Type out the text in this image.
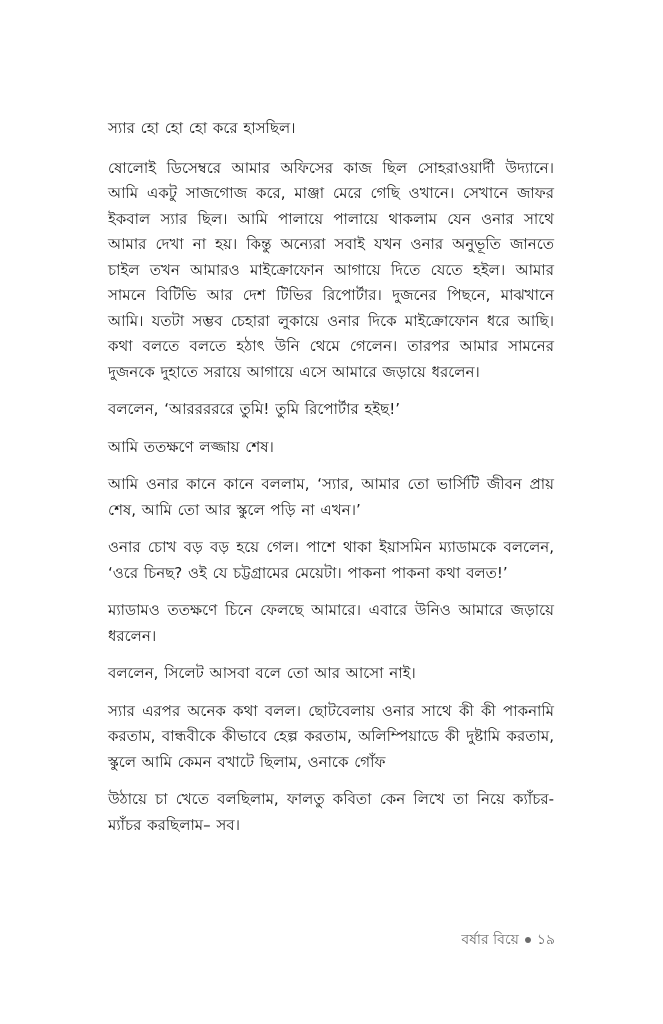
স্যার হো হো হো করে হাসছিল।

ষোলোই ডিসেম্বরে আমার অফিসের কাজ ছিল সোহরাওয়ার্দী উদ্যানে। আমি একটু সাজগোজ করে, মাঞ্জা মেরে গেছি ওখানে। সেখানে জাফর ইকবাল স্যার ছিল। আমি পালায়ে পালায়ে থাকলাম যেন ওনার সাথে আমার দেখা না হয়। কিন্তু অন্যেরা সবাই যখন ওনার অনুভূতি জানতে চাইল তখন আমারও মাইক্রোফোন আগায়ে দিতে যেতে হইল। আমার সামনে বিটিভি আর দেশ টিভির রিপোর্টার। দুজনের পিছনে, মাঝখানে আমি। যতটা সম্ভব চেহারা লুকায়ে ওনার দিকে মাইক্রোফোন ধরে আছি। কথা বলতে বলতে হঠাৎ উনি থেমে গেলেন। তারপর আমার সামনের দুজনকে দুহাতে সরায়ে আগায়ে এসে আমারে জড়ায়ে ধরলেন।

বললেন, ‘আরররররে তুমি! তুমি রিপোর্টার হইছ!’

আমি ততক্ষণে লজ্জায় শেষ।

আমি ওনার কানে কানে বললাম, ‘স্যার, আমার তো ভার্সিটি জীবন প্রায় শেষ, আমি তো আর স্কুলে পড়ি না এখন।’

ওনার চোখ বড় বড় হয়ে গেল। পাশে থাকা ইয়াসমিন ম্যাডামকে বললেন, ‘ওরে চিনছ? ওই যে চট্টগ্রামের মেয়েটা। পাকনা পাকনা কথা বলত!’

ম্যাডামও ততক্ষণে চিনে ফেলছে আমারে। এবারে উনিও আমারে জড়ায়ে ধরলেন।

বললেন, সিলেট আসবা বলে তো আর আসো নাই।

স্যার এরপর অনেক কথা বলল। ছোটবেলায় ওনার সাথে কী কী পাকনামি করতাম, বান্ধবীকে কীভাবে হেল্প করতাম, অলিম্পিয়াডে কী দুষ্টামি করতাম, স্কুলে আমি কেমন বখাটে ছিলাম, ওনাকে গোঁফ

উঠায়ে চা খেতে বলছিলাম, ফালতু কবিতা কেন লিখে তা নিয়ে ক্যাঁচর-ম্যাঁচর করছিলাম– সব।

বর্ষার বিয়ে ১৯
